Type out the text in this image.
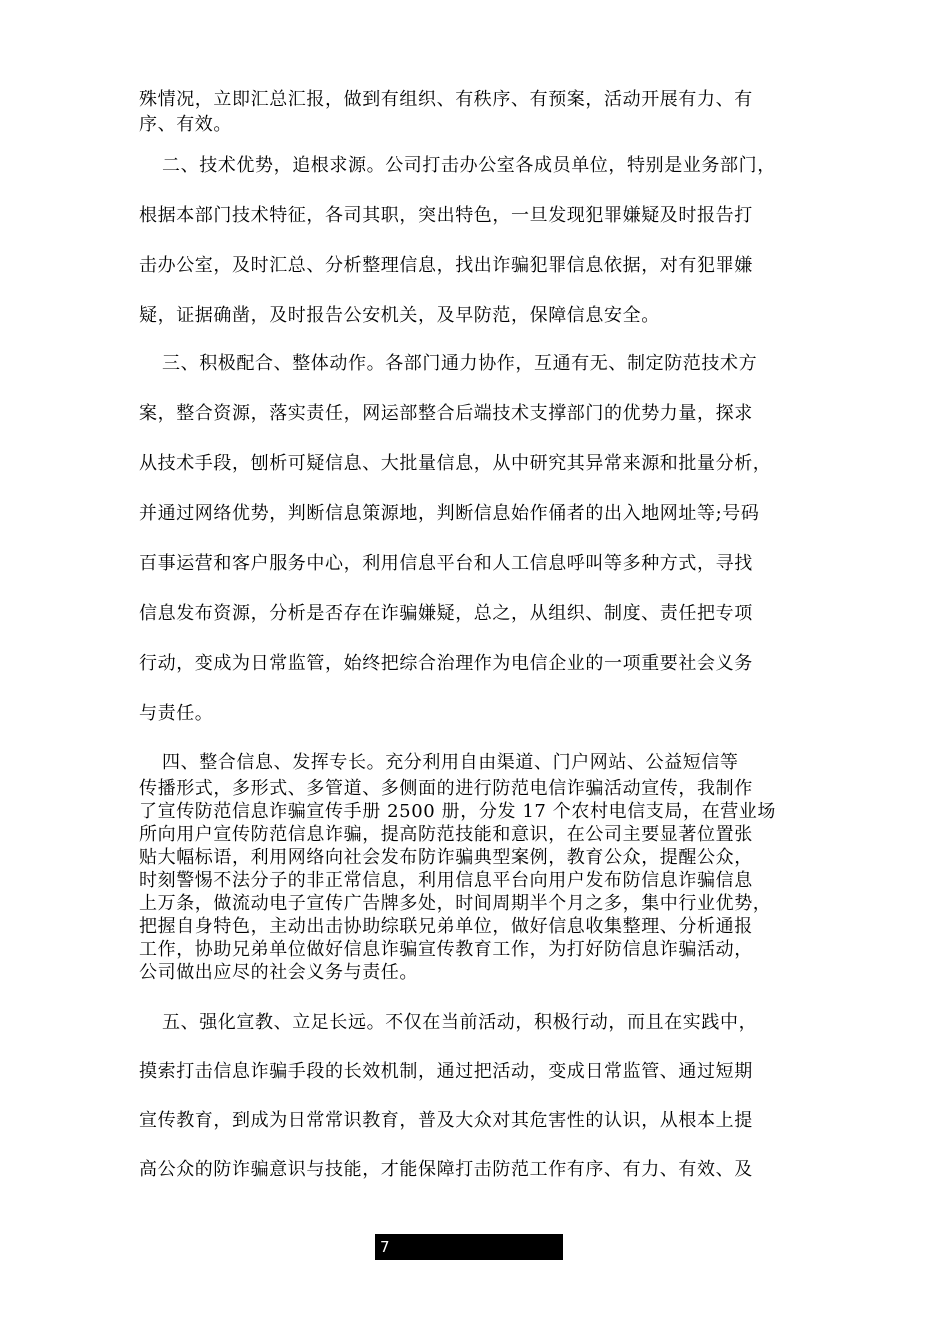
殊情况，立即汇总汇报，做到有组织、有秩序、有预案，活动开展有力、有

序、有效。

二、技术优势，追根求源。公司打击办公室各成员单位，特别是业务部门，

根据本部门技术特征，各司其职，突出特色，一旦发现犯罪嫌疑及时报告打

击办公室，及时汇总、分析整理信息，找出诈骗犯罪信息依据，对有犯罪嫌

疑，证据确凿，及时报告公安机关，及早防范，保障信息安全。

三、积极配合、整体动作。各部门通力协作，互通有无、制定防范技术方

案，整合资源，落实责任，网运部整合后端技术支撑部门的优势力量，探求

从技术手段，刨析可疑信息、大批量信息，从中研究其异常来源和批量分析，

并通过网络优势，判断信息策源地，判断信息始作俑者的出入地网址等;号码

百事运营和客户服务中心，利用信息平台和人工信息呼叫等多种方式，寻找

信息发布资源，分析是否存在诈骗嫌疑，总之，从组织、制度、责任把专项

行动，变成为日常监管，始终把综合治理作为电信企业的一项重要社会义务

与责任。

四、整合信息、发挥专长。充分利用自由渠道、门户网站、公益短信等

传播形式，多形式、多管道、多侧面的进行防范电信诈骗活动宣传，我制作

了宣传防范信息诈骗宣传手册 2500 册，分发 17 个农村电信支局，在营业场

所向用户宣传防范信息诈骗，提高防范技能和意识，在公司主要显著位置张

贴大幅标语，利用网络向社会发布防诈骗典型案例，教育公众，提醒公众，

时刻警惕不法分子的非正常信息，利用信息平台向用户发布防信息诈骗信息

上万条，做流动电子宣传广告牌多处，时间周期半个月之多，集中行业优势，

把握自身特色，主动出击协助综联兄弟单位，做好信息收集整理、分析通报

工作，协助兄弟单位做好信息诈骗宣传教育工作，为打好防信息诈骗活动，

公司做出应尽的社会义务与责任。

五、强化宣教、立足长远。不仅在当前活动，积极行动，而且在实践中，

摸索打击信息诈骗手段的长效机制，通过把活动，变成日常监管、通过短期

宣传教育，到成为日常常识教育，普及大众对其危害性的认识，从根本上提

高公众的防诈骗意识与技能，才能保障打击防范工作有序、有力、有效、及

7
